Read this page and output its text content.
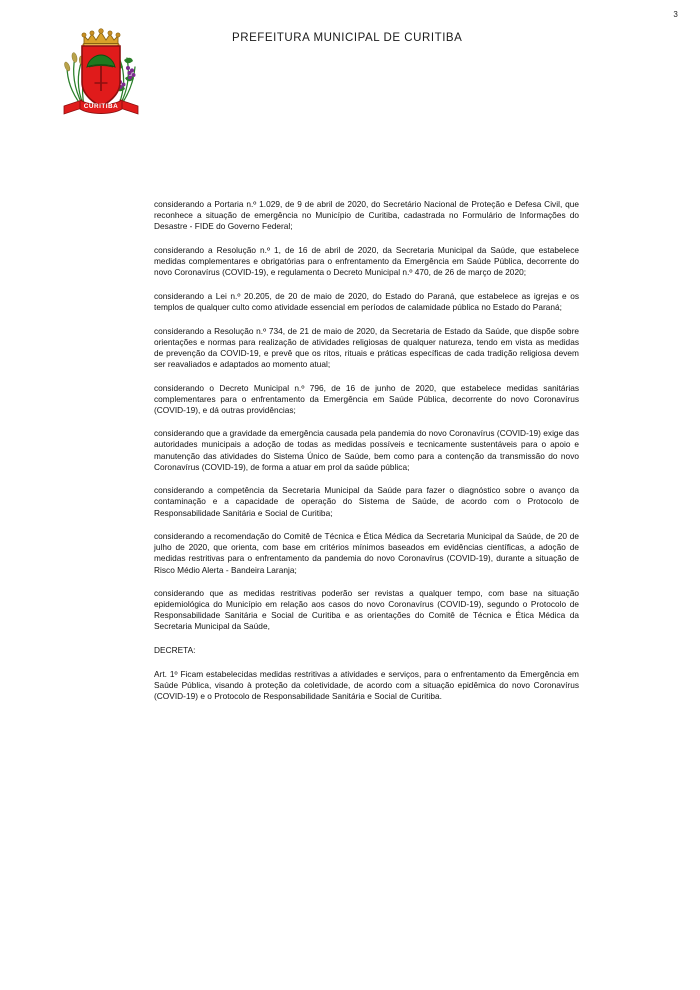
3
CURITIBA
PREFEITURA MUNICIPAL DE CURITIBA

considerando a Portaria n.º 1.029, de 9 de abril de 2020, do Secretário Nacional de Proteção e Defesa Civil, que reconhece a situação de emergência no Município de Curitiba, cadastrada no Formulário de Informações do Desastre - FIDE do Governo Federal;

considerando a Resolução n.º 1, de 16 de abril de 2020, da Secretaria Municipal da Saúde, que estabelece medidas complementares e obrigatórias para o enfrentamento da Emergência em Saúde Pública, decorrente do novo Coronavírus (COVID-19), e regulamenta o Decreto Municipal n.º 470, de 26 de março de 2020;

considerando a Lei n.º 20.205, de 20 de maio de 2020, do Estado do Paraná, que estabelece as igrejas e os templos de qualquer culto como atividade essencial em períodos de calamidade pública no Estado do Paraná;

considerando a Resolução n.º 734, de 21 de maio de 2020, da Secretaria de Estado da Saúde, que dispõe sobre orientações e normas para realização de atividades religiosas de qualquer natureza, tendo em vista as medidas de prevenção da COVID-19, e prevê que os ritos, rituais e práticas específicas de cada tradição religiosa devem ser reavaliados e adaptados ao momento atual;

considerando o Decreto Municipal n.º 796, de 16 de junho de 2020, que estabelece medidas sanitárias complementares para o enfrentamento da Emergência em Saúde Pública, decorrente do novo Coronavírus (COVID-19), e dá outras providências;

considerando que a gravidade da emergência causada pela pandemia do novo Coronavírus (COVID-19) exige das autoridades municipais a adoção de todas as medidas possíveis e tecnicamente sustentáveis para o apoio e manutenção das atividades do Sistema Único de Saúde, bem como para a contenção da transmissão do novo Coronavírus (COVID-19), de forma a atuar em prol da saúde pública;

considerando a competência da Secretaria Municipal da Saúde para fazer o diagnóstico sobre o avanço da contaminação e a capacidade de operação do Sistema de Saúde, de acordo com o Protocolo de Responsabilidade Sanitária e Social de Curitiba;

considerando a recomendação do Comitê de Técnica e Ética Médica da Secretaria Municipal da Saúde, de 20 de julho de 2020, que orienta, com base em critérios mínimos baseados em evidências científicas, a adoção de medidas restritivas para o enfrentamento da pandemia do novo Coronavírus (COVID-19), durante a situação de Risco Médio Alerta - Bandeira Laranja;

considerando que as medidas restritivas poderão ser revistas a qualquer tempo, com base na situação epidemiológica do Município em relação aos casos do novo Coronavírus (COVID-19), segundo o Protocolo de Responsabilidade Sanitária e Social de Curitiba e as orientações do Comitê de Técnica e Ética Médica da Secretaria Municipal da Saúde,

DECRETA:

Art. 1º Ficam estabelecidas medidas restritivas a atividades e serviços, para o enfrentamento da Emergência em Saúde Pública, visando à proteção da coletividade, de acordo com a situação epidêmica do novo Coronavírus (COVID-19) e o Protocolo de Responsabilidade Sanitária e Social de Curitiba.
